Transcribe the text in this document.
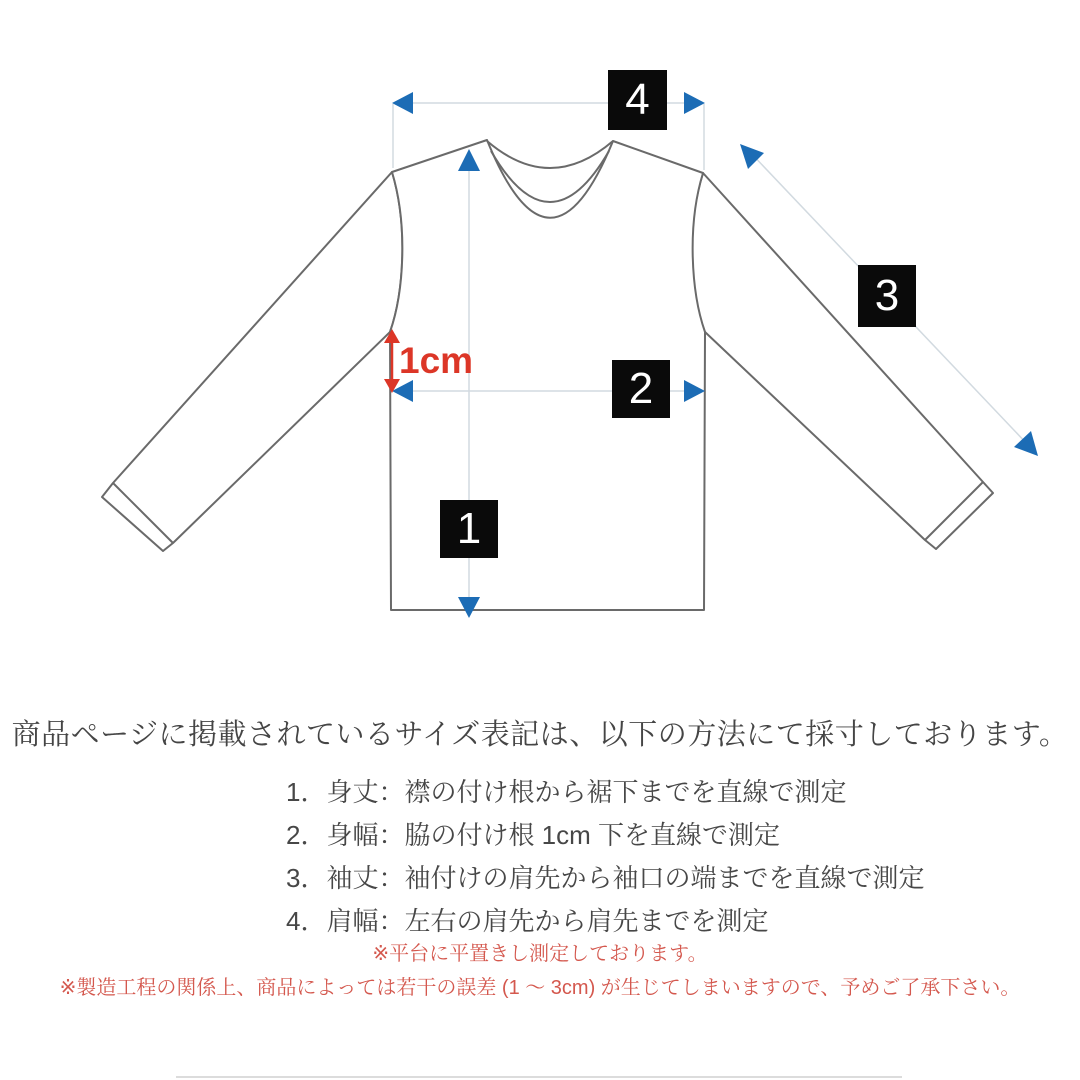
4
3
2
1
1cm
商品ページに掲載されているサイズ表記は、以下の方法にて採寸しております。
1．身丈：襟の付け根から裾下までを直線で測定
2．身幅：脇の付け根 1cm 下を直線で測定
3．袖丈：袖付けの肩先から袖口の端までを直線で測定
4．肩幅：左右の肩先から肩先までを測定
※平台に平置きし測定しております。
※製造工程の関係上、商品によっては若干の誤差 (1 ～ 3cm) が生じてしまいますので、予めご了承下さい。
